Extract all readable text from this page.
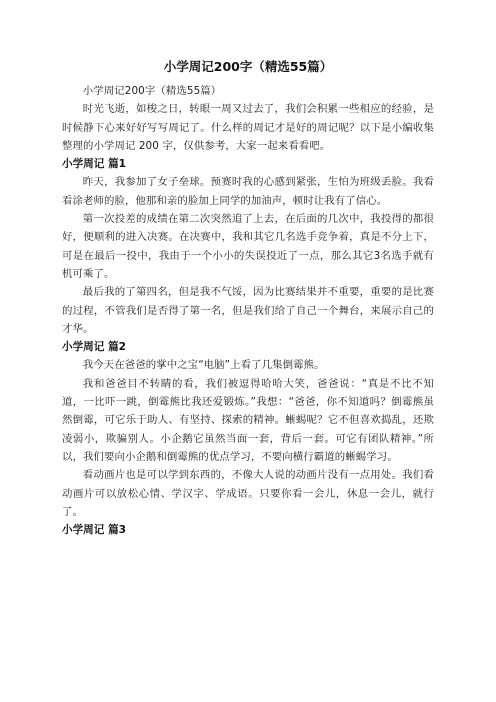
小学周记200字（精选55篇）

小学周记200字（精选55篇）

时光飞逝，如梭之日，转眼一周又过去了，我们会积累一些相应的经验，是时候静下心来好好写写周记了。什么样的周记才是好的周记呢？以下是小编收集整理的小学周记 200 字，仅供参考，大家一起来看看吧。

小学周记 篇1

昨天，我参加了女子垒球。预赛时我的心感到紧张，生怕为班级丢脸。我看看涂老师的脸，他那和亲的脸加上同学的加油声，顿时让我有了信心。

第一次投差的成绩在第二次突然追了上去，在后面的几次中，我投得的都很好，便顺利的进入决赛。在决赛中，我和其它几名选手竞争着，真是不分上下，可是在最后一投中，我由于一个小小的失误投近了一点，那么其它3名选手就有机可乘了。

最后我的了第四名，但是我不气馁，因为比赛结果并不重要，重要的是比赛的过程，不管我们是否得了第一名，但是我们给了自己一个舞台，来展示自己的才华。

小学周记 篇2

我今天在爸爸的掌中之宝“电脑”上看了几集倒霉熊。

我和爸爸目不转睛的看，我们被逗得哈哈大笑，爸爸说：“真是不比不知道，一比吓一跳，倒霉熊比我还爱锻炼。”我想：“爸爸，你不知道吗？倒霉熊虽然倒霉，可它乐于助人、有坚持、探索的精神。蜥蜴呢？它不但喜欢捣乱，还欺凌弱小，欺骗别人。小企鹅它虽然当面一套，背后一套。可它有团队精神。”所以，我们要向小企鹅和倒霉熊的优点学习，不要向横行霸道的蜥蜴学习。

看动画片也是可以学到东西的，不像大人说的动画片没有一点用处。我们看动画片可以放松心情、学汉字、学成语。只要你看一会儿，休息一会儿，就行了。

小学周记 篇3
